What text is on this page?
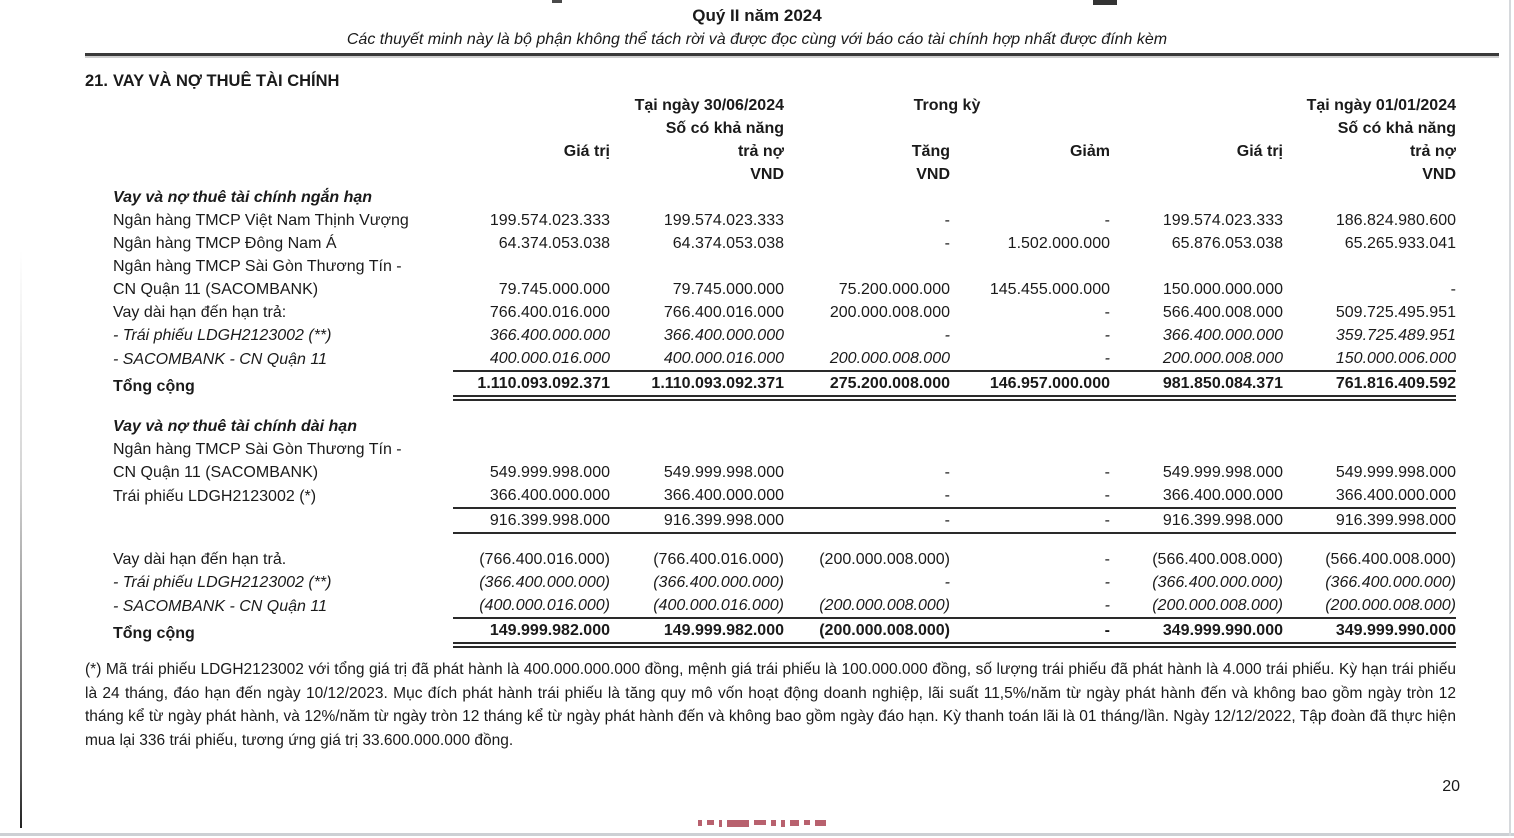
Quý II năm 2024
Các thuyết minh này là bộ phận không thể tách rời và được đọc cùng với báo cáo tài chính hợp nhất được đính kèm
21. VAY VÀ NỢ THUÊ TÀI CHÍNH
	Tại ngày 30/06/2024		Trong kỳ		Tại ngày 01/01/2024	
		Số có khả năng				Số có khả năng
	Giá trị	trả nợ	Tăng	Giảm	Giá trị	trả nợ
		VND	VND			VND
Vay và nợ thuê tài chính ngắn hạn						

Ngân hàng TMCP Việt Nam Thịnh Vượng	199.574.023.333	199.574.023.333	-	-	199.574.023.333	186.824.980.600

Ngân hàng TMCP Đông Nam Á	64.374.053.038	64.374.053.038	-	1.502.000.000	65.876.053.038	65.265.933.041

Ngân hàng TMCP Sài Gòn Thương Tín -
CN Quận 11 (SACOMBANK)	79.745.000.000	79.745.000.000	75.200.000.000	145.455.000.000	150.000.000.000	-

Vay dài hạn đến hạn trả:	766.400.016.000	766.400.016.000	200.000.008.000	-	566.400.008.000	509.725.495.951

- Trái phiếu LDGH2123002 (**)	366.400.000.000	366.400.000.000	-	-	366.400.000.000	359.725.489.951

- SACOMBANK - CN Quận 11	400.000.016.000	400.000.016.000	200.000.008.000	-	200.000.008.000	150.000.006.000

Tổng cộng	1.110.093.092.371	1.110.093.092.371	275.200.008.000	146.957.000.000	981.850.084.371	761.816.409.592

Vay và nợ thuê tài chính dài hạn						

Ngân hàng TMCP Sài Gòn Thương Tín -
CN Quận 11 (SACOMBANK)	549.999.998.000	549.999.998.000	-	-	549.999.998.000	549.999.998.000

Trái phiếu LDGH2123002 (*)	366.400.000.000	366.400.000.000	-	-	366.400.000.000	366.400.000.000
	916.399.998.000	916.399.998.000	-	-	916.399.998.000	916.399.998.000

Vay dài hạn đến hạn trả.	(766.400.016.000)	(766.400.016.000)	(200.000.008.000)	-	(566.400.008.000)	(566.400.008.000)

- Trái phiếu LDGH2123002 (**)	(366.400.000.000)	(366.400.000.000)	-	-	(366.400.000.000)	(366.400.000.000)

- SACOMBANK - CN Quận 11	(400.000.016.000)	(400.000.016.000)	(200.000.008.000)	-	(200.000.008.000)	(200.000.008.000)

Tổng cộng	149.999.982.000	149.999.982.000	(200.000.008.000)	-	349.999.990.000	349.999.990.000
(*) Mã trái phiếu LDGH2123002 với tổng giá trị đã phát hành là 400.000.000.000 đồng, mệnh giá trái phiếu là 100.000.000 đồng, số lượng trái phiếu đã phát hành là 4.000 trái phiếu. Kỳ hạn trái phiếu là 24 tháng, đáo hạn đến ngày 10/12/2023. Mục đích phát hành trái phiếu là tăng quy mô vốn hoạt động doanh nghiệp, lãi suất 11,5%/năm từ ngày phát hành đến và không bao gồm ngày tròn 12 tháng kể từ ngày phát hành, và 12%/năm từ ngày tròn 12 tháng kể từ ngày phát hành đến và không bao gồm ngày đáo hạn. Kỳ thanh toán lãi là 01 tháng/lần. Ngày 12/12/2022, Tập đoàn đã thực hiện mua lại 336 trái phiếu, tương ứng giá trị 33.600.000.000 đồng.
20
